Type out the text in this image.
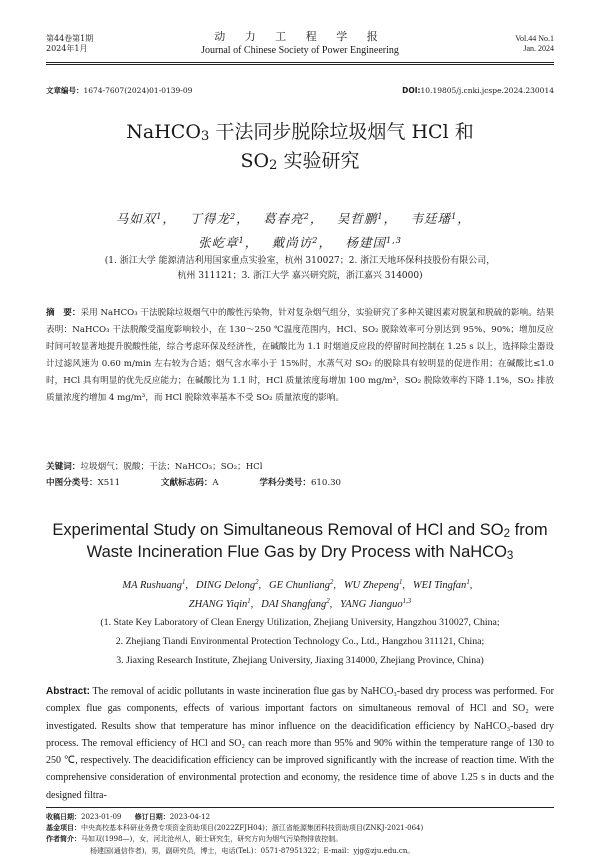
第44卷第1期
2024年1月
动 力 工 程 学 报
Journal of Chinese Society of Power Engineering
Vol.44 No.1
Jan. 2024
文章编号：1674-7607(2024)01-0139-09	DOI:10.19805/j.cnki.jcspe.2024.230014
NaHCO$_3$ 干法同步脱除垃圾烟气 HCl 和
$SO_2$ 实验研究
马如双$^1$， 丁得龙$^2$， 葛春亮$^2$， 吴哲鹏$^1$， 韦廷璠$^1$， 
张屹章$^1$， 戴尚访$^2$， 杨建国$^{1,3}$
(1. 浙江大学 能源清洁利用国家重点实验室，杭州 310027；2. 浙江天地环保科技股份有限公司，
杭州 311121；3. 浙江大学 嘉兴研究院，浙江嘉兴 314000)
摘　要：采用 NaHCO₃ 干法脱除垃圾烟气中的酸性污染物，针对复杂烟气组分，实验研究了多种关键因素对脱氯和脱硫的影响。结果表明：NaHCO₃ 干法脱酸受温度影响较小，在 130～250 ℃温度范围内，HCl、SO₂ 脱除效率可分别达到 95%、90%；增加反应时间可较显著地提升脱酸性能，综合考虑环保及经济性，在碱酸比为 1.1 时烟道反应段的停留时间控制在 1.25 s 以上，选择除尘器设计过滤风速为 0.60 m/min 左右较为合适；烟气含水率小于 15%时，水蒸气对 SO₂ 的脱除具有较明显的促进作用；在碱酸比≤1.0 时，HCl 具有明显的优先反应能力；在碱酸比为 1.1 时，HCl 质量浓度每增加 100 mg/m³，SO₂ 脱除效率约下降 1.1%，SO₂ 排放质量浓度约增加 4 mg/m³，而 HCl 脱除效率基本不受 SO₂ 质量浓度的影响。
关键词：垃圾烟气；脱酸；干法；NaHCO₃；SO₂；HCl
中图分类号：X511	文献标志码：A	学科分类号：610.30
Experimental Study on Simultaneous Removal of HCl and $SO_2$ from
Waste Incineration Flue Gas by Dry Process with NaHCO$_3$
MA Rushuang$^1$,  DING Delong$^2$,  GE Chunliang$^2$,  WU Zhepeng$^1$,  WEI Tingfan$^1$, 
ZHANG Yiqin$^1$,  DAI Shangfang$^2$,  YANG Jianguo$^{1,3}$
(1. State Key Laboratory of Clean Energy Utilization, Zhejiang University, Hangzhou 310027, China;
2. Zhejiang Tiandi Environmental Protection Technology Co., Ltd., Hangzhou 311121, China;
3. Jiaxing Research Institute, Zhejiang University, Jiaxing 314000, Zhejiang Province, China)
Abstract: The removal of acidic pollutants in waste incineration flue gas by NaHCO₃-based dry process was performed. For complex flue gas components, effects of various important factors on simultaneous removal of HCl and SO₂ were investigated. Results show that temperature has minor influence on the deacidification efficiency by NaHCO₃-based dry process. The removal efficiency of HCl and SO₂ can reach more than 95% and 90% within the temperature range of 130 to 250 ℃, respectively. The deacidification efficiency can be improved significantly with the increase of reaction time. With the comprehensive consideration of environmental protection and economy, the residence time of above 1.25 s in ducts and the designed filtra-
收稿日期：2023-01-09 修订日期：2023-04-12
基金项目：中央高校基本科研业务费专项资金资助项目(2022ZFJH04)；浙江省能源集团科技资助项目(ZNKJ-2021-064)
作者简介：马如双(1998—)，女，河北沧州人，硕士研究生，研究方向为烟气污染物排放控制。
杨建国(通信作者)，男，副研究员，博士，电话(Tel.)：0571-87951322；E-mail：yjg@zju.edu.cn。
